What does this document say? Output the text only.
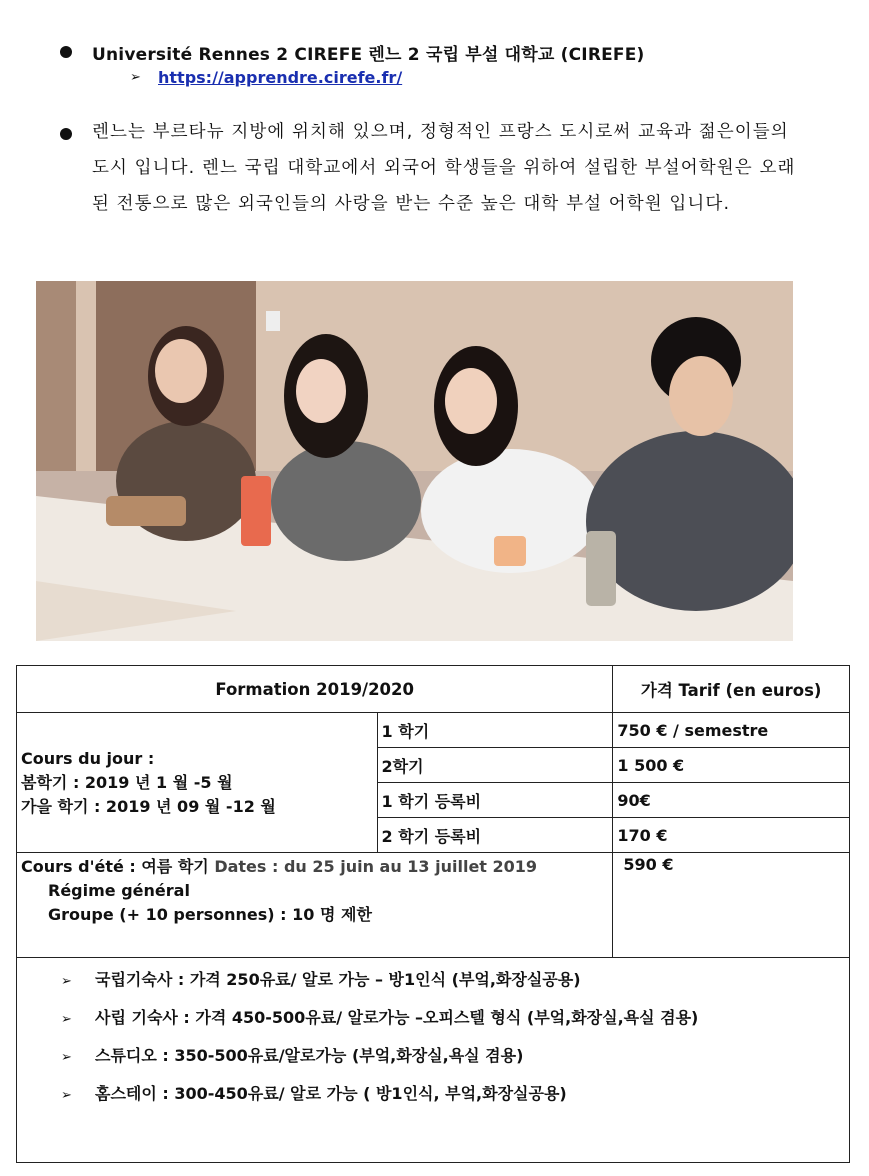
Université Rennes 2 CIREFE 렌느 2 국립 부설 대학교 (CIREFE)
➢	https://apprendre.cirefe.fr/
렌느는 부르타뉴 지방에 위치해 있으며, 정형적인 프랑스 도시로써 교육과 젊은이들의 도시 입니다. 렌느 국립 대학교에서 외국어 학생들을 위하여 설립한 부설어학원은 오래된 전통으로 많은 외국인들의 사랑을 받는 수준 높은 대학 부설 어학원 입니다.
Formation 2019/2020		가격 Tarif (en euros)

Cours du jour :
봄학기 : 2019 년 1 월 -5 월
가을 학기 : 2019 년 09 월 -12 월	1 학기	750 € / semestre
	2학기	1 500 €
	1 학기 등록비	90€
	2 학기 등록비	170 €
Cours d'été : 여름 학기 Dates : du 25 juin au 13 juillet 2019
Régime général
Groupe (+ 10 personnes) : 10 명 제한		590 €
➢	국립기숙사 : 가격 250유료/ 알로 가능 – 방1인식 (부엌,화장실공용)
➢	사립 기숙사 : 가격 450-500유료/ 알로가능 –오피스텔 형식 (부엌,화장실,욕실 겸용)
➢	스튜디오 : 350-500유료/알로가능 (부엌,화장실,욕실 겸용)
➢	홈스테이 : 300-450유료/ 알로 가능 ( 방1인식, 부엌,화장실공용)
